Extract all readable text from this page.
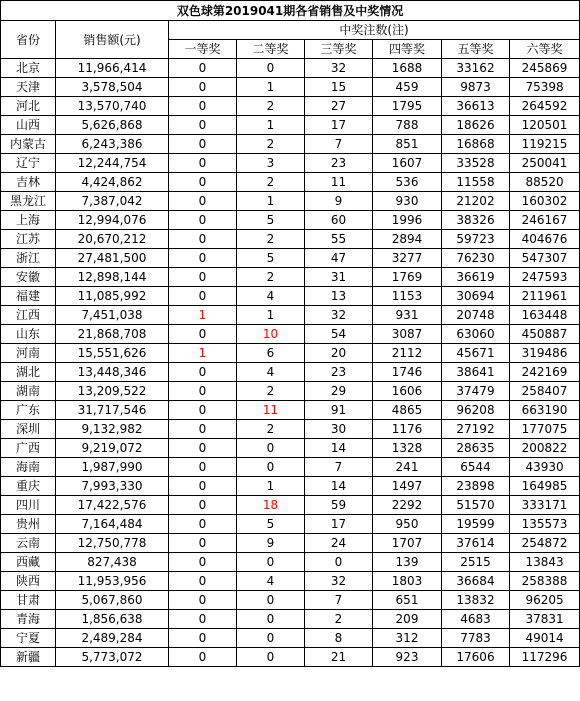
双色球第2019041期各省销售及中奖情况							
省份	销售额(元)	中奖注数(注)					
		一等奖	二等奖	三等奖	四等奖	五等奖	六等奖
北京	11,966,414	0	0	32	1688	33162	245869
天津	3,578,504	0	1	15	459	9873	75398
河北	13,570,740	0	2	27	1795	36613	264592
山西	5,626,868	0	1	17	788	18626	120501
内蒙古	6,243,386	0	2	7	851	16868	119215
辽宁	12,244,754	0	3	23	1607	33528	250041
吉林	4,424,862	0	2	11	536	11558	88520
黑龙江	7,387,042	0	1	9	930	21202	160302
上海	12,994,076	0	5	60	1996	38326	246167
江苏	20,670,212	0	2	55	2894	59723	404676
浙江	27,481,500	0	5	47	3277	76230	547307
安徽	12,898,144	0	2	31	1769	36619	247593
福建	11,085,992	0	4	13	1153	30694	211961
江西	7,451,038	1	1	32	931	20748	163448
山东	21,868,708	0	10	54	3087	63060	450887
河南	15,551,626	1	6	20	2112	45671	319486
湖北	13,448,346	0	4	23	1746	38641	242169
湖南	13,209,522	0	2	29	1606	37479	258407
广东	31,717,546	0	11	91	4865	96208	663190
深圳	9,132,982	0	2	30	1176	27192	177075
广西	9,219,072	0	0	14	1328	28635	200822
海南	1,987,990	0	0	7	241	6544	43930
重庆	7,993,330	0	1	14	1497	23898	164985
四川	17,422,576	0	18	59	2292	51570	333171
贵州	7,164,484	0	5	17	950	19599	135573
云南	12,750,778	0	9	24	1707	37614	254872
西藏	827,438	0	0	0	139	2515	13843
陕西	11,953,956	0	4	32	1803	36684	258388
甘肃	5,067,860	0	0	7	651	13832	96205
青海	1,856,638	0	0	2	209	4683	37831
宁夏	2,489,284	0	0	8	312	7783	49014
新疆	5,773,072	0	0	21	923	17606	117296
